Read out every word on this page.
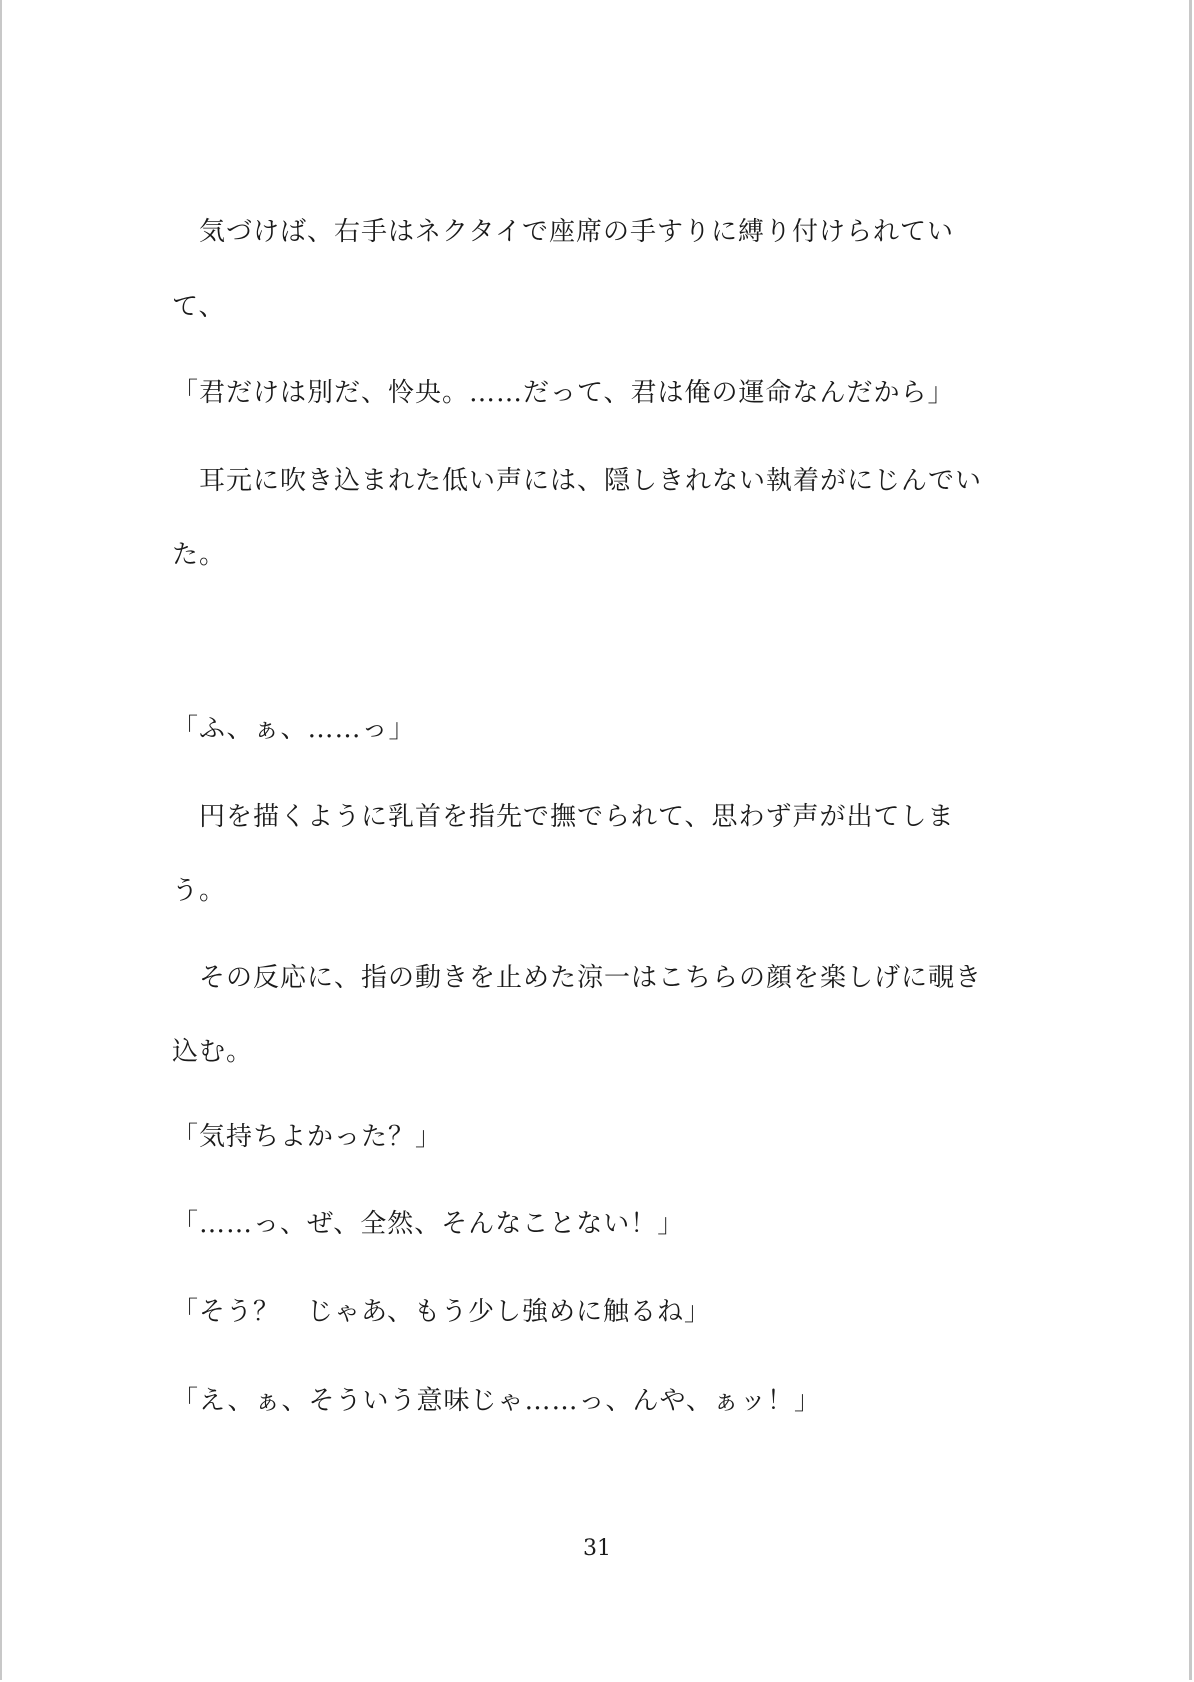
　気づけば、右手はネクタイで座席の手すりに縛り付けられてい
て、
「君だけは別だ、怜央。……だって、君は俺の運命なんだから」
　耳元に吹き込まれた低い声には、隠しきれない執着がにじんでい
た。
「ふ、ぁ、……っ」
　円を描くように乳首を指先で撫でられて、思わず声が出てしま
う。
　その反応に、指の動きを止めた涼一はこちらの顔を楽しげに覗き
込む。
「気持ちよかった？」
「……っ、ぜ、全然、そんなことない！」
「そう？　じゃあ、もう少し強めに触るね」
「え、ぁ、そういう意味じゃ……っ、んや、ぁッ！」
31
